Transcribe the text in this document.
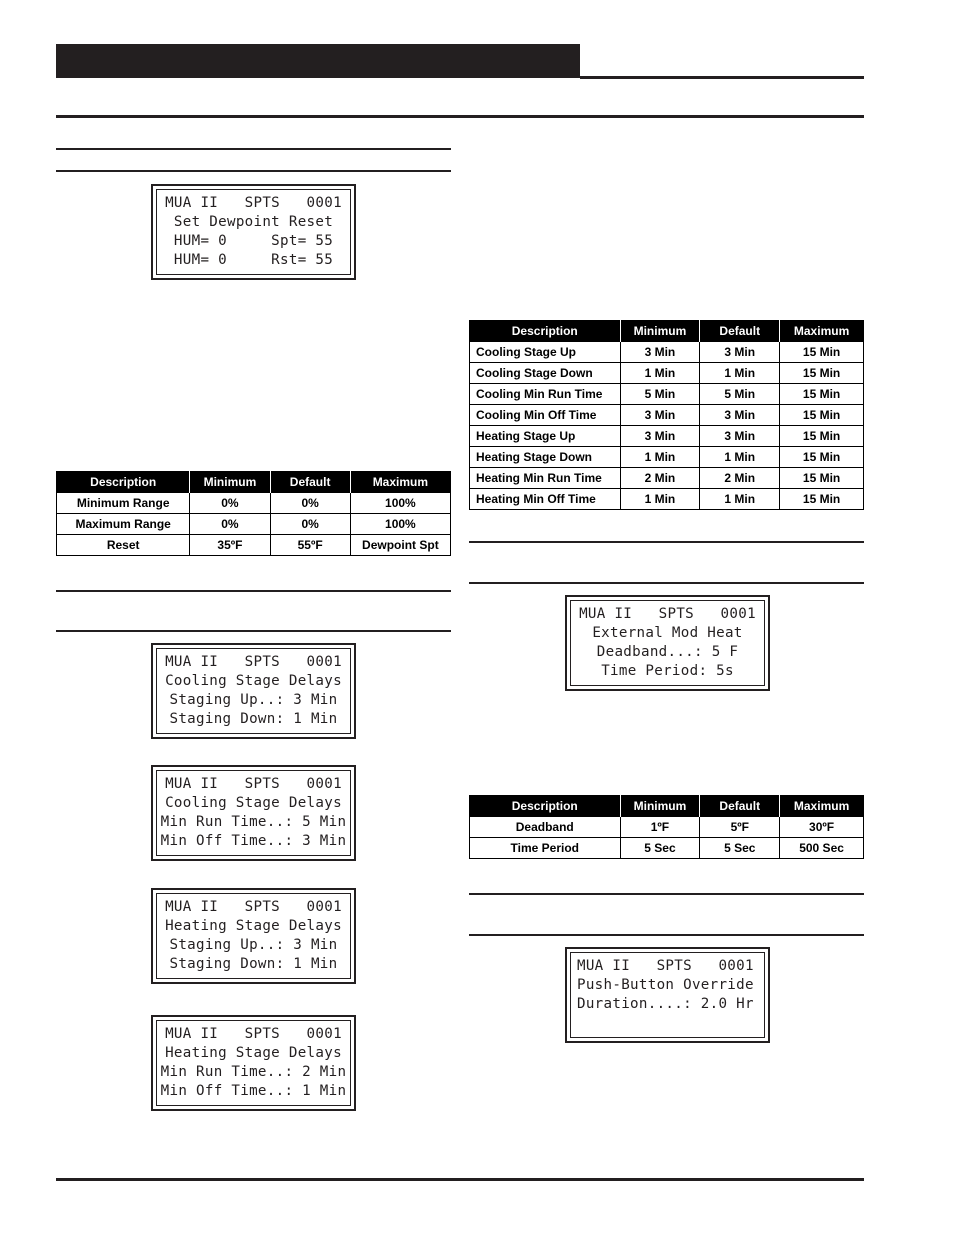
MUA II   SPTS   0001
Set Dewpoint Reset
HUM= 0     Spt= 55
HUM= 0     Rst= 55
Description	Minimum	Default	Maximum
Minimum Range	0%	0%	100%
Maximum Range	0%	0%	100%
Reset	35ºF	55ºF	Dewpoint Spt
MUA II   SPTS   0001
Cooling Stage Delays
Staging Up..: 3 Min
Staging Down: 1 Min
MUA II   SPTS   0001
Cooling Stage Delays
Min Run Time..: 5 Min
Min Off Time..: 3 Min
MUA II   SPTS   0001
Heating Stage Delays
Staging Up..: 3 Min
Staging Down: 1 Min
MUA II   SPTS   0001
Heating Stage Delays
Min Run Time..: 2 Min
Min Off Time..: 1 Min
Description	Minimum	Default	Maximum
Cooling Stage Up	3 Min	3 Min	15 Min
Cooling Stage Down	1 Min	1 Min	15 Min
Cooling Min Run Time	5 Min	5 Min	15 Min
Cooling Min Off Time	3 Min	3 Min	15 Min
Heating Stage Up	3 Min	3 Min	15 Min
Heating Stage Down	1 Min	1 Min	15 Min
Heating Min Run Time	2 Min	2 Min	15 Min
Heating Min Off Time	1 Min	1 Min	15 Min
MUA II   SPTS   0001
External Mod Heat
Deadband...: 5 F
Time Period: 5s
Description	Minimum	Default	Maximum
Deadband	1ºF	5ºF	30ºF
Time Period	5 Sec	5 Sec	500 Sec
MUA II   SPTS   0001
Push-Button Override
Duration....: 2.0 Hr
